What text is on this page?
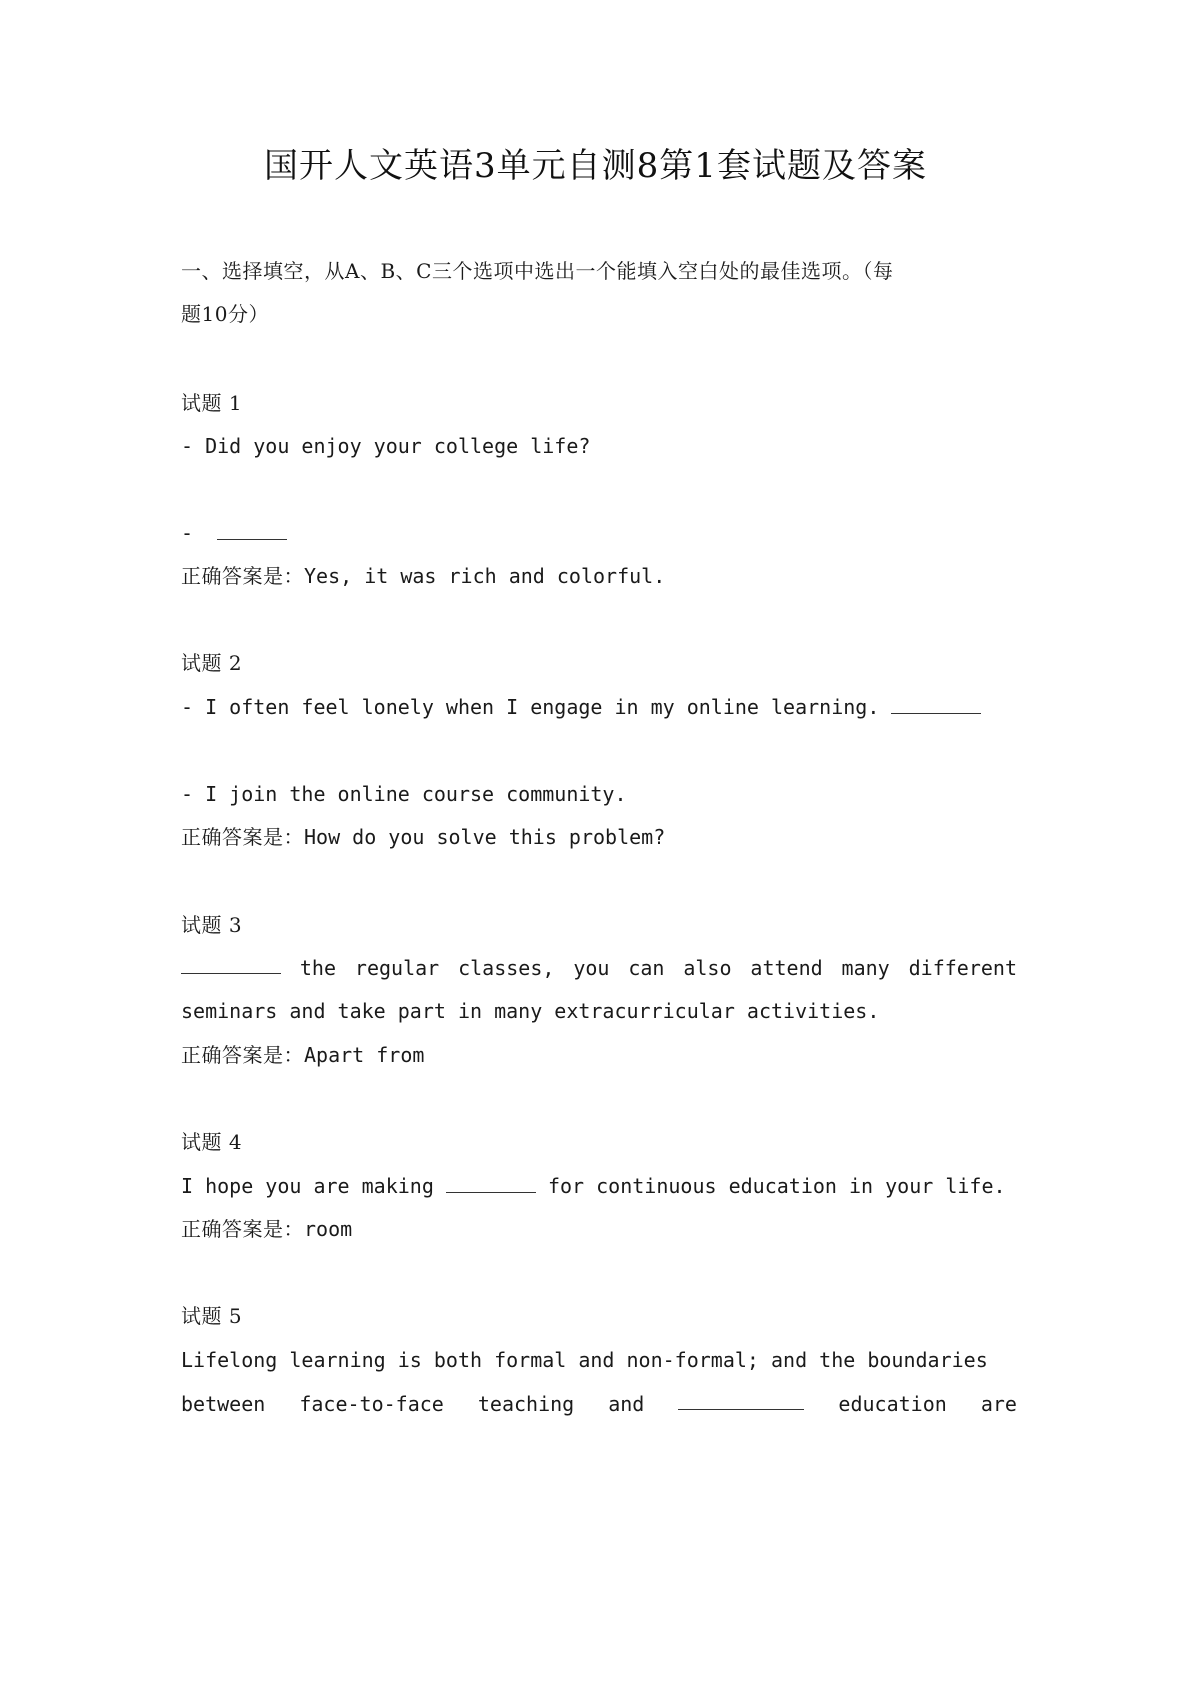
国开人文英语3单元自测8第1套试题及答案
一、选择填空，从A、B、C三个选项中选出一个能填入空白处的最佳选项。（每
题10分）
试题 1
- Did you enjoy your college life?
-
正确答案是：Yes, it was rich and colorful.
试题 2
- I often feel lonely when I engage in my online learning.
- I join the online course community.
正确答案是：How do you solve this problem?
试题 3
the regular classes, you can also attend many different
seminars and take part in many extracurricular activities.
正确答案是：Apart from
试题 4
I hope you are making	for continuous education in your life.
正确答案是：room
试题 5
Lifelong learning is both formal and non-formal; and the boundaries
between face-to-face teaching and	education are
